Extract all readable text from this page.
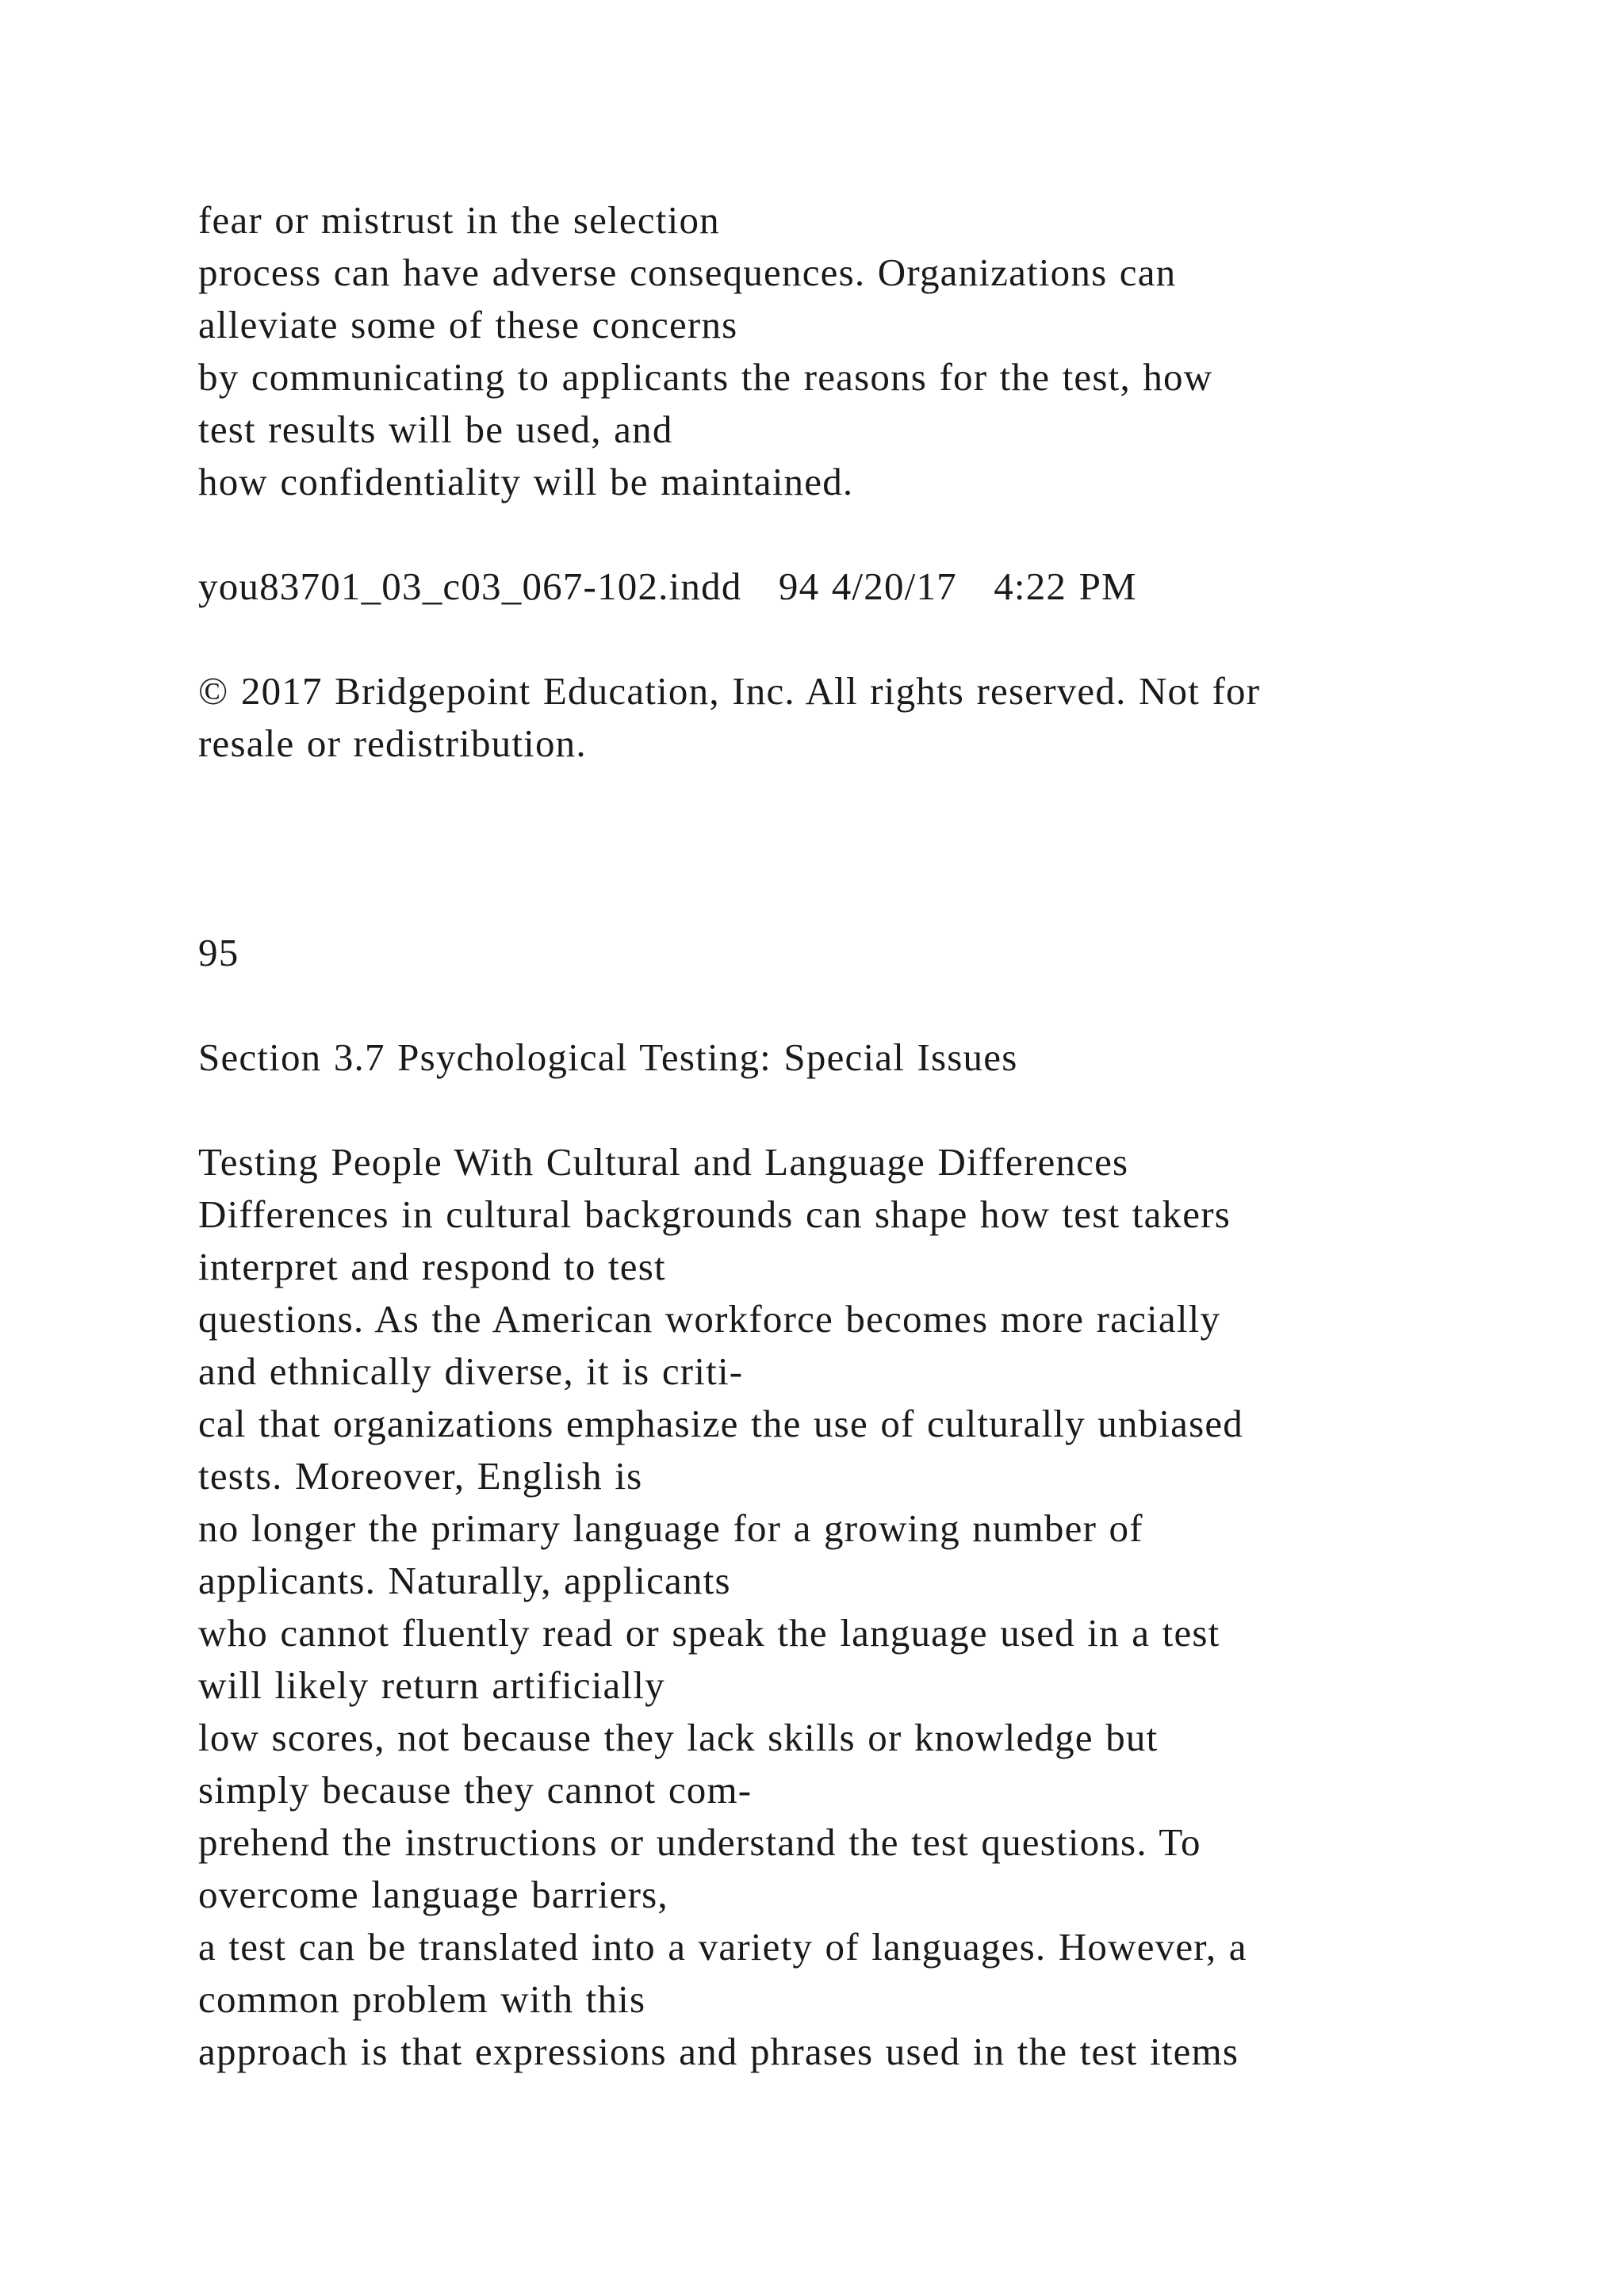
fear or mistrust in the selection
process can have adverse consequences. Organizations can
alleviate some of these concerns
by communicating to applicants the reasons for the test, how
test results will be used, and
how confidentiality will be maintained.
you83701_03_c03_067-102.indd   94 4/20/17   4:22 PM
© 2017 Bridgepoint Education, Inc. All rights reserved. Not for
resale or redistribution.
95
Section 3.7 Psychological Testing: Special Issues
Testing People With Cultural and Language Differences
Differences in cultural backgrounds can shape how test takers
interpret and respond to test
questions. As the American workforce becomes more racially
and ethnically diverse, it is criti-
cal that organizations emphasize the use of culturally unbiased
tests. Moreover, English is
no longer the primary language for a growing number of
applicants. Naturally, applicants
who cannot fluently read or speak the language used in a test
will likely return artificially
low scores, not because they lack skills or knowledge but
simply because they cannot com-
prehend the instructions or understand the test questions. To
overcome language barriers,
a test can be translated into a variety of languages. However, a
common problem with this
approach is that expressions and phrases used in the test items
